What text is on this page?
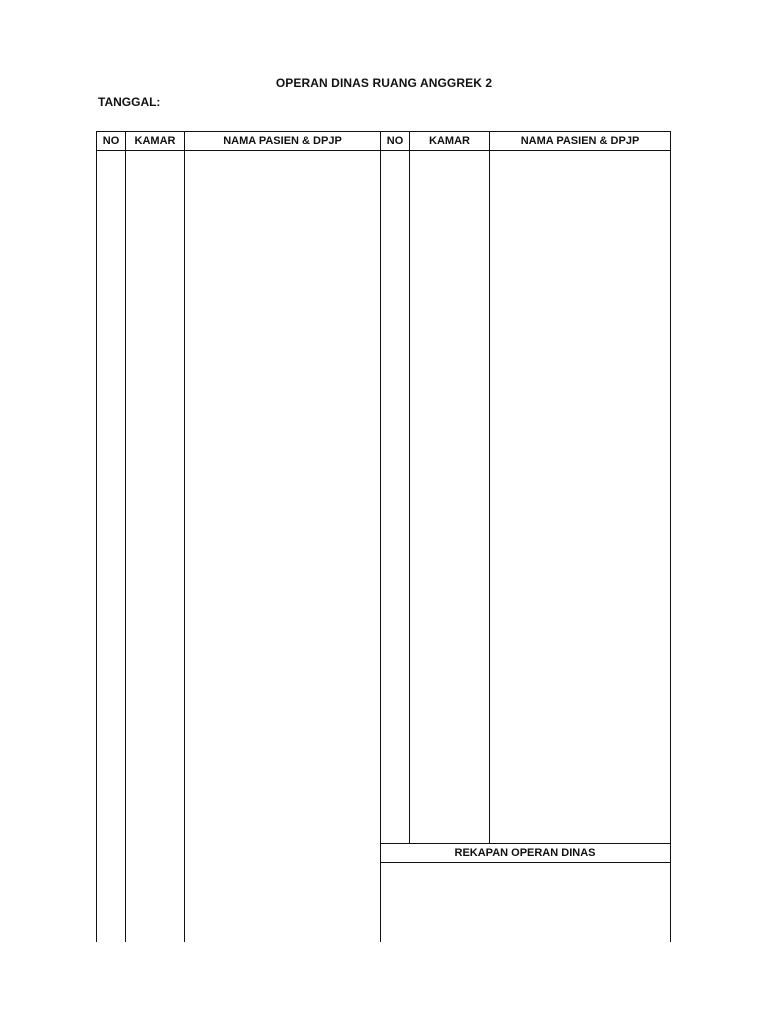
OPERAN DINAS RUANG ANGGREK 2
TANGGAL:
NO	KAMAR	NAMA PASIEN & DPJP	NO	KAMAR	NAMA PASIEN & DPJP
REKAPAN OPERAN DINAS
